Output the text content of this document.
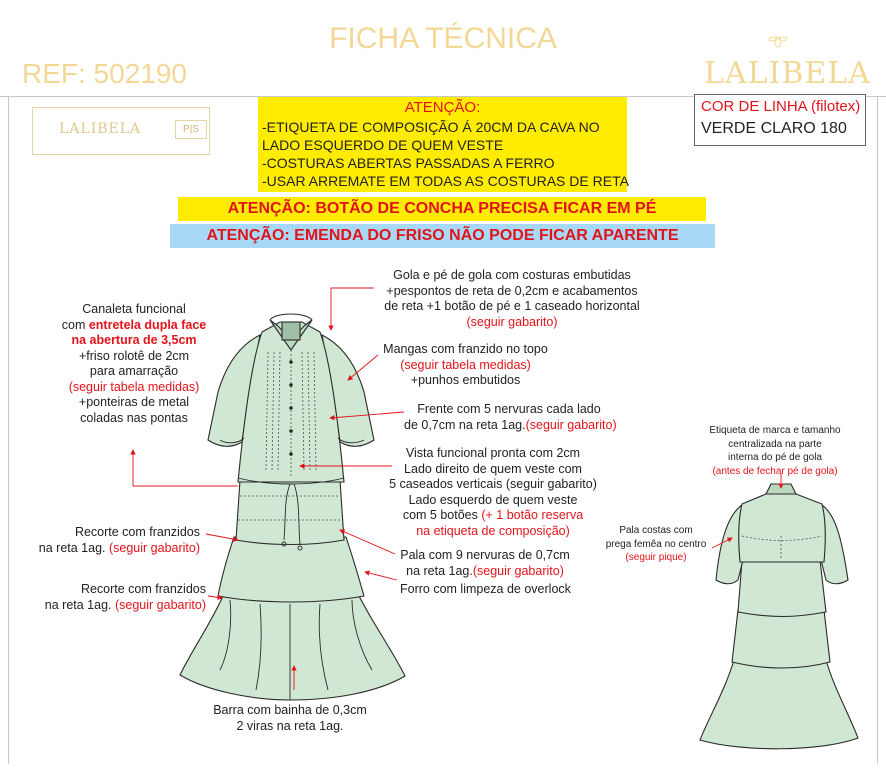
FICHA TÉCNICA
REF: 502190	LALIBELA
LALIBELA	P|S
ATENÇÃO:
-ETIQUETA DE COMPOSIÇÃO Á 20CM DA CAVA NO
LADO ESQUERDO DE QUEM VESTE
-COSTURAS ABERTAS PASSADAS A FERRO
-USAR ARREMATE EM TODAS AS COSTURAS DE RETA
COR DE LINHA (filotex)
VERDE CLARO 180
ATENÇÃO: BOTÃO DE CONCHA PRECISA FICAR EM PÉ
ATENÇÃO: EMENDA DO FRISO NÃO PODE FICAR APARENTE
Gola e pé de gola com costuras embutidas
+pespontos de reta de 0,2cm e acabamentos
de reta +1 botão de pé e 1 caseado horizontal
(seguir gabarito)
Mangas com franzido no topo
(seguir tabela medidas)
+punhos embutidos
Frente com 5 nervuras cada lado
de 0,7cm na reta 1ag.(seguir gabarito)
Vista funcional pronta com 2cm
Lado direito de quem veste com
5 caseados verticais (seguir gabarito)
Lado esquerdo de quem veste
com 5 botões (+ 1 botão reserva
na etiqueta de composição)
Pala com 9 nervuras de 0,7cm
na reta 1ag.(seguir gabarito)
Forro com limpeza de overlock
Barra com bainha de 0,3cm
2 viras na reta 1ag.
Canaleta funcional
com entretela dupla face
na abertura de 3,5cm
+friso rolotê de 2cm
para amarração
(seguir tabela medidas)
+ponteiras de metal
coladas nas pontas
Recorte com franzidos
na reta 1ag. (seguir gabarito)
Recorte com franzidos
na reta 1ag. (seguir gabarito)
Etiqueta de marca e tamanho
centralizada na parte
interna do pé de gola
(antes de fechar pé de gola)
Pala costas com
prega femêa no centro
(seguir pique)
